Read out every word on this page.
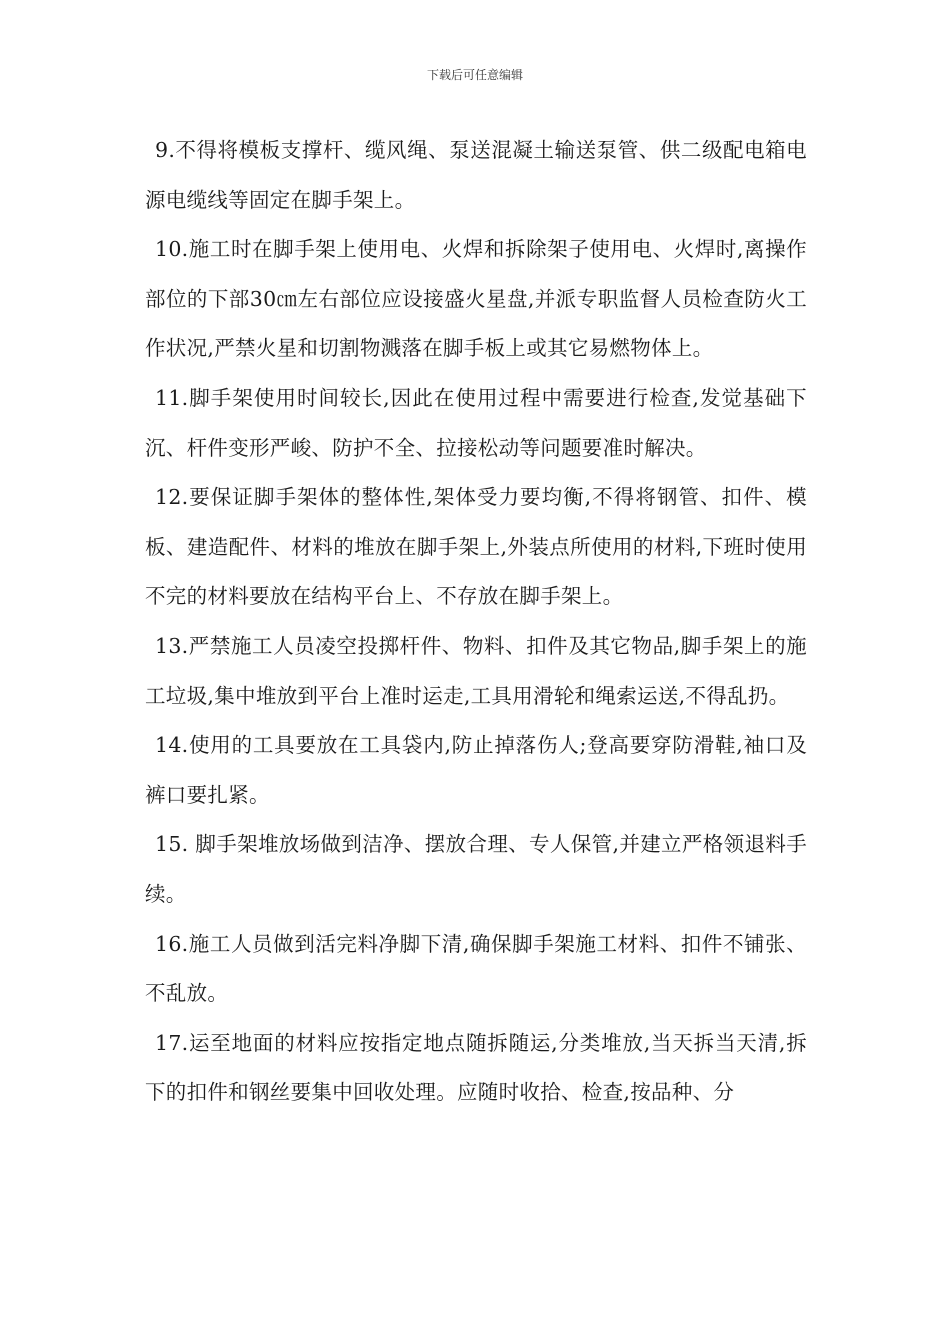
下载后可任意编辑

9.不得将模板支撑杆、缆风绳、泵送混凝土输送泵管、供二级配电箱电源电缆线等固定在脚手架上。

10.施工时在脚手架上使用电、火焊和拆除架子使用电、火焊时,离操作部位的下部30㎝左右部位应设接盛火星盘,并派专职监督人员检查防火工作状况,严禁火星和切割物溅落在脚手板上或其它易燃物体上。

11.脚手架使用时间较长,因此在使用过程中需要进行检查,发觉基础下沉、杆件变形严峻、防护不全、拉接松动等问题要准时解决。

12.要保证脚手架体的整体性,架体受力要均衡,不得将钢管、扣件、模板、建造配件、材料的堆放在脚手架上,外装点所使用的材料,下班时使用不完的材料要放在结构平台上、不存放在脚手架上。

13.严禁施工人员凌空投掷杆件、物料、扣件及其它物品,脚手架上的施工垃圾,集中堆放到平台上准时运走,工具用滑轮和绳索运送,不得乱扔。

14.使用的工具要放在工具袋内,防止掉落伤人;登高要穿防滑鞋,袖口及裤口要扎紧。

15. 脚手架堆放场做到洁净、摆放合理、专人保管,并建立严格领退料手续。

16.施工人员做到活完料净脚下清,确保脚手架施工材料、扣件不铺张、不乱放。

17.运至地面的材料应按指定地点随拆随运,分类堆放,当天拆当天清,拆下的扣件和钢丝要集中回收处理。应随时收拾、检查,按品种、分
